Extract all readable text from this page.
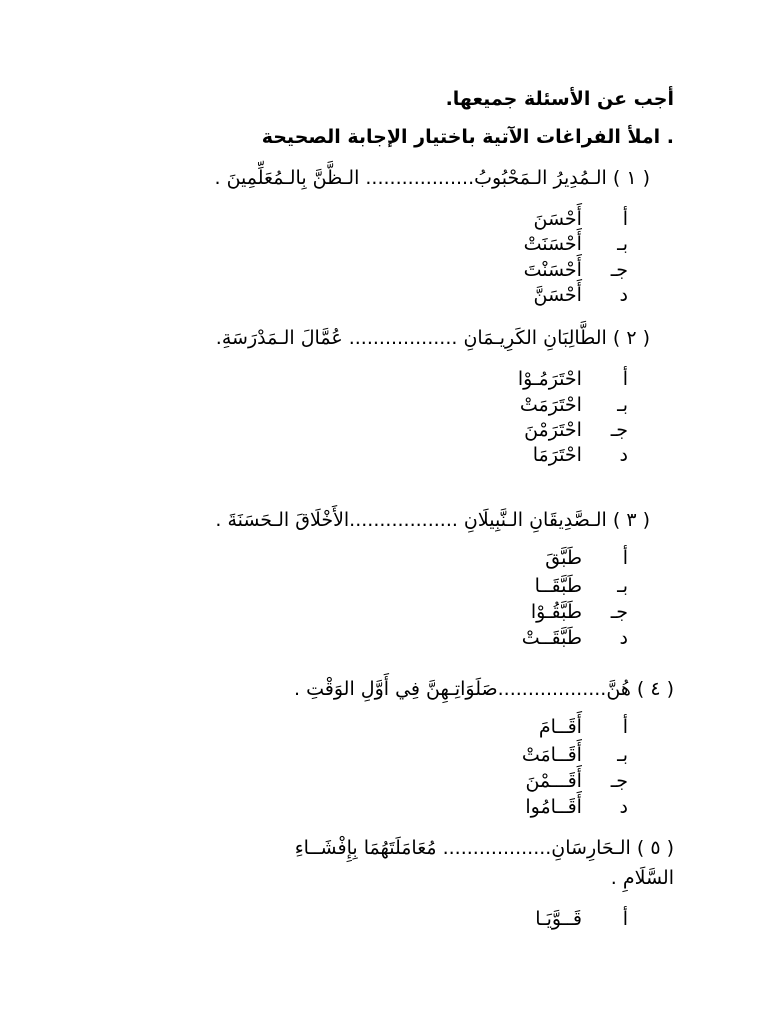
أجب عن الأسئلة جميعها.
. املأ الفراغات الآتية باختيار الإجابة الصحيحة
( ١ ) الـمُدِيرُ الـمَحْبُوبُ.................. الـظَّنَّ بِالـمُعَلِّمِينَ .
أ أَحْسَنَ
بـ أَحْسَنَتْ
جـ أَحْسَنْتَ
د أَحْسَنَّ
( ٢ ) الطَّالِبَانِ الكَرِيـمَانِ .................. عُمَّالَ الـمَدْرَسَةِ.
أ احْتَرَمُـوْا
بـ احْتَرَمَتْ
جـ احْتَرَمْنَ
د احْتَرَمَا
( ٣ ) الـصَّدِيقَانِ الـنَّبِيلَانِ ..................الأَخْلَاقَ الـحَسَنَةَ .
أ طَبَّقَ
بـ طَبَّقَــا
جـ طَبَّقُـوْا
د طَبَّقَــتْ
( ٤ ) هُنَّ..................صَلَوَاتِـهِنَّ فِي أَوَّلِ الوَقْتِ .
أ أَقَــامَ
بـ أَقَــامَتْ
جـ أَقَـــمْنَ
د أَقَــامُوا
( ٥ ) الـحَارِسَانِ.................. مُعَامَلَتَهُمَا بِإِفْشَــاءِ
السَّلَامِ .
أ قَــوَّيَـا
